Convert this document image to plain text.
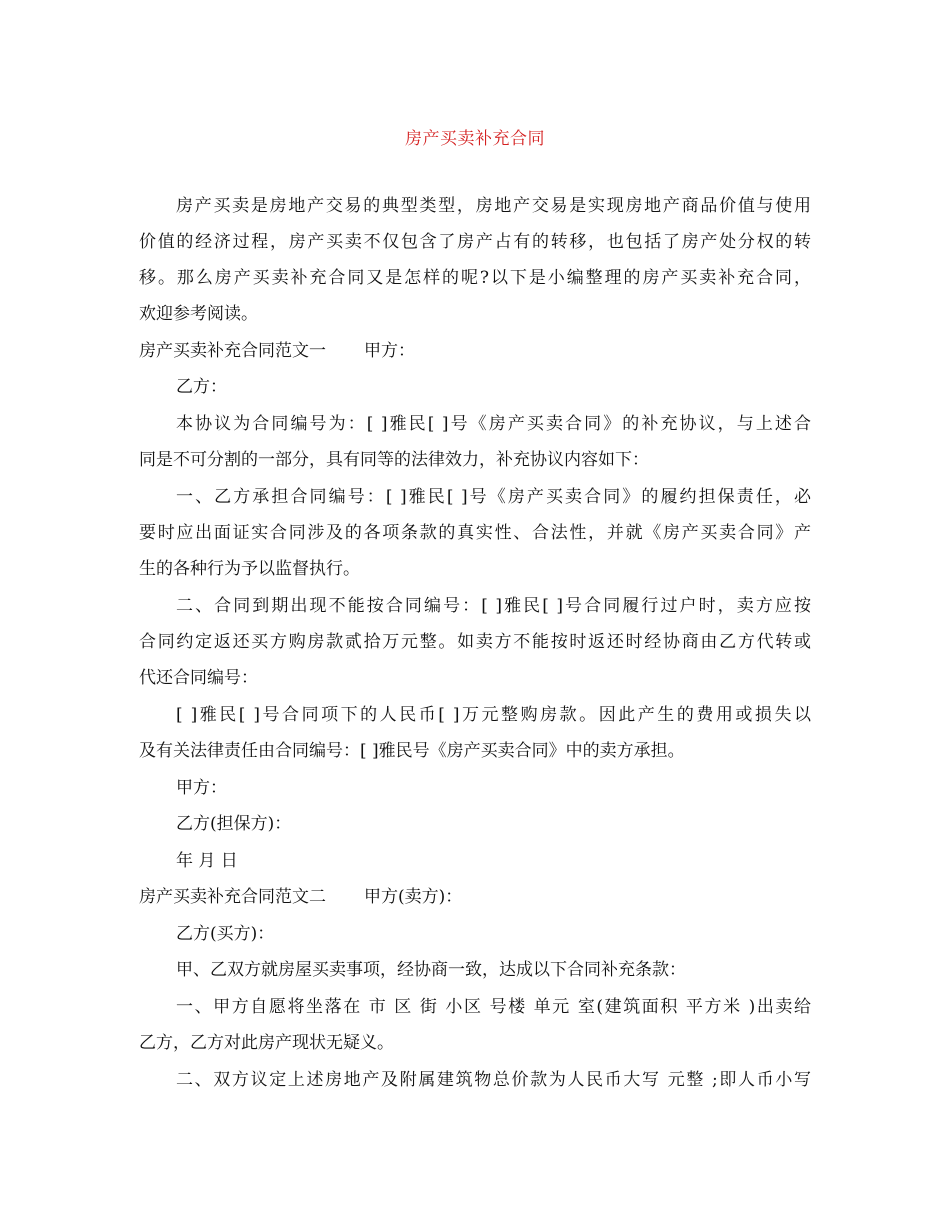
房产买卖补充合同
房产买卖是房地产交易的典型类型，房地产交易是实现房地产商品价值与使用
价值的经济过程，房产买卖不仅包含了房产占有的转移，也包括了房产处分权的转
移。那么房产买卖补充合同又是怎样的呢?以下是小编整理的房产买卖补充合同，
欢迎参考阅读。
房产买卖补充合同范文一 甲方：
乙方：
本协议为合同编号为：[ ]雅民[ ]号《房产买卖合同》的补充协议，与上述合
同是不可分割的一部分，具有同等的法律效力，补充协议内容如下：
一、乙方承担合同编号：[ ]雅民[ ]号《房产买卖合同》的履约担保责任，必
要时应出面证实合同涉及的各项条款的真实性、合法性，并就《房产买卖合同》产
生的各种行为予以监督执行。
二、合同到期出现不能按合同编号：[ ]雅民[ ]号合同履行过户时，卖方应按
合同约定返还买方购房款贰拾万元整。如卖方不能按时返还时经协商由乙方代转或
代还合同编号：
[ ]雅民[ ]号合同项下的人民币[ ]万元整购房款。因此产生的费用或损失以
及有关法律责任由合同编号：[ ]雅民号《房产买卖合同》中的卖方承担。
甲方：
乙方(担保方)：
年 月 日
房产买卖补充合同范文二 甲方(卖方)：
乙方(买方)：
甲、乙双方就房屋买卖事项，经协商一致，达成以下合同补充条款：
一、甲方自愿将坐落在 市 区 街 小区 号楼 单元 室(建筑面积 平方米 )出卖给
乙方，乙方对此房产现状无疑义。
二、双方议定上述房地产及附属建筑物总价款为人民币大写 元整 ;即人币小写
